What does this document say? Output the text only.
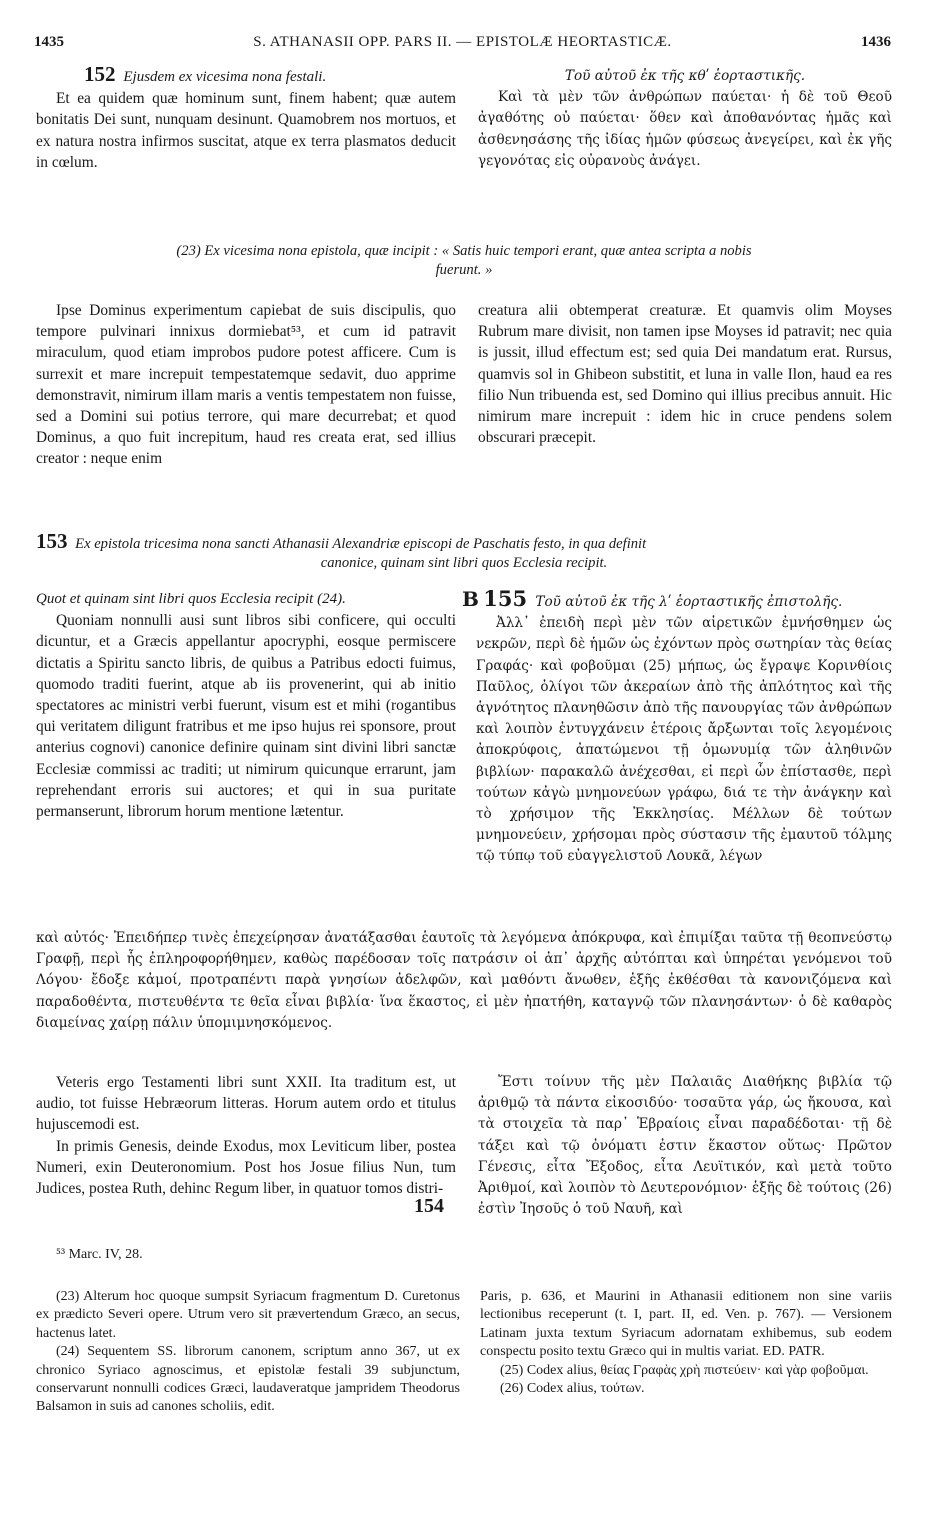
1435	S. ATHANASII OPP. PARS II. — EPISTOLÆ HEORTASTICÆ.	1436

152 Ejusdem ex vicesima nona festali.

Et ea quidem quæ hominum sunt, finem habent; quæ autem bonitatis Dei sunt, nunquam desinunt. Quamobrem nos mortuos, et ex natura nostra infirmos suscitat, atque ex terra plasmatos deducit in cœlum.

Τοῦ αὐτοῦ ἐκ τῆς κθʹ ἑορταστικῆς.

Καὶ τὰ μὲν τῶν ἀνθρώπων παύεται· ἡ δὲ τοῦ Θεοῦ ἀγαθότης οὐ παύεται· ὅθεν καὶ ἀποθανόντας ἡμᾶς καὶ ἀσθενησάσης τῆς ἰδίας ἡμῶν φύσεως ἀνεγείρει, καὶ ἐκ γῆς γεγονότας εἰς οὐρανοὺς ἀνάγει.

(23) Ex vicesima nona epistola, quæ incipit : « Satis huic tempori erant, quæ antea scripta a nobis
fuerunt. »

Ipse Dominus experimentum capiebat de suis discipulis, quo tempore pulvinari innixus dormiebat⁵³, et cum id patravit miraculum, quod etiam improbos pudore potest afficere. Cum is surrexit et mare increpuit tempestatemque sedavit, duo apprime demonstravit, nimirum illam maris a ventis tempestatem non fuisse, sed a Domini sui potius terrore, qui mare decurrebat; et quod Dominus, a quo fuit increpitum, haud res creata erat, sed illius creator : neque enim

creatura alii obtemperat creaturæ. Et quamvis olim Moyses Rubrum mare divisit, non tamen ipse Moyses id patravit; nec quia is jussit, illud effectum est; sed quia Dei mandatum erat. Rursus, quamvis sol in Ghibeon substitit, et luna in valle Ilon, haud ea res filio Nun tribuenda est, sed Domino qui illius precibus annuit. Hic nimirum mare increpuit : idem hic in cruce pendens solem obscurari præcepit.

153 Ex epistola tricesima nona sancti Athanasii Alexandriæ episcopi de Paschatis festo, in qua definit

canonice, quinam sint libri quos Ecclesia recipit.

Quot et quinam sint libri quos Ecclesia recipit (24).

Quoniam nonnulli ausi sunt libros sibi conficere, qui occulti dicuntur, et a Græcis appellantur apocryphi, eosque permiscere dictatis a Spiritu sancto libris, de quibus a Patribus edocti fuimus, quomodo traditi fuerint, atque ab iis provenerint, qui ab initio spectatores ac ministri verbi fuerunt, visum est et mihi (rogantibus qui veritatem diligunt fratribus et me ipso hujus rei sponsore, prout anterius cognovi) canonice definire quinam sint divini libri sanctæ Ecclesiæ commissi ac traditi; ut nimirum quicunque errarunt, jam reprehendant erroris sui auctores; et qui in sua puritate permanserunt, librorum horum mentione lætentur.

B 155 Τοῦ αὐτοῦ ἐκ τῆς λʹ ἑορταστικῆς ἐπιστολῆς.

Ἀλλ᾽ ἐπειδὴ περὶ μὲν τῶν αἱρετικῶν ἐμνήσθημεν ὡς νεκρῶν, περὶ δὲ ἡμῶν ὡς ἐχόντων πρὸς σωτηρίαν τὰς θείας Γραφάς· καὶ φοβοῦμαι (25) μήπως, ὡς ἔγραψε Κορινθίοις Παῦλος, ὀλίγοι τῶν ἀκεραίων ἀπὸ τῆς ἁπλότητος καὶ τῆς ἁγνότητος πλανηθῶσιν ἀπὸ τῆς πανουργίας τῶν ἀνθρώπων καὶ λοιπὸν ἐντυγχάνειν ἑτέροις ἄρξωνται τοῖς λεγομένοις ἀποκρύφοις, ἀπατώμενοι τῇ ὁμωνυμίᾳ τῶν ἀληθινῶν βιβλίων· παρακαλῶ ἀνέχεσθαι, εἰ περὶ ὧν ἐπίστασθε, περὶ τούτων κἀγὼ μνημονεύων γράφω, διά τε τὴν ἀνάγκην καὶ τὸ χρήσιμον τῆς Ἐκκλησίας. Μέλλων δὲ τούτων μνημονεύειν, χρήσομαι πρὸς σύστασιν τῆς ἐμαυτοῦ τόλμης τῷ τύπῳ τοῦ εὐαγγελιστοῦ Λουκᾶ, λέγων

καὶ αὐτός· Ἐπειδήπερ τινὲς ἐπεχείρησαν ἀνατάξασθαι ἑαυτοῖς τὰ λεγόμενα ἀπόκρυφα, καὶ ἐπιμίξαι ταῦτα τῇ θεοπνεύστῳ Γραφῇ, περὶ ἧς ἐπληροφορήθημεν, καθὼς παρέδοσαν τοῖς πατράσιν οἱ ἀπ᾽ ἀρχῆς αὐτόπται καὶ ὑπηρέται γενόμενοι τοῦ Λόγου· ἔδοξε κἀμοί, προτραπέντι παρὰ γνησίων ἀδελφῶν, καὶ μαθόντι ἄνωθεν, ἑξῆς ἐκθέσθαι τὰ κανονιζόμενα καὶ παραδοθέντα, πιστευθέντα τε θεῖα εἶναι βιβλία· ἵνα ἕκαστος, εἰ μὲν ἠπατήθη, καταγνῷ τῶν πλανησάντων· ὁ δὲ καθαρὸς διαμείνας χαίρῃ πάλιν ὑπομιμνησκόμενος.

Veteris ergo Testamenti libri sunt XXII. Ita traditum est, ut audio, tot fuisse Hebræorum litteras. Horum autem ordo et titulus hujuscemodi est.

In primis Genesis, deinde Exodus, mox Leviticum liber, postea Numeri, exin Deuteronomium. Post hos Josue filius Nun, tum Judices, postea Ruth, dehinc Regum liber, in quatuor tomos distri-

154

Ἔστι τοίνυν τῆς μὲν Παλαιᾶς Διαθήκης βιβλία τῷ ἀριθμῷ τὰ πάντα εἰκοσιδύο· τοσαῦτα γάρ, ὡς ἤκουσα, καὶ τὰ στοιχεῖα τὰ παρ᾽ Ἑβραίοις εἶναι παραδέδοται· τῇ δὲ τάξει καὶ τῷ ὀνόματι ἐστιν ἕκαστον οὕτως· Πρῶτον Γένεσις, εἶτα Ἔξοδος, εἶτα Λευϊτικόν, καὶ μετὰ τοῦτο Ἀριθμοί, καὶ λοιπὸν τὸ Δευτερονόμιον· ἑξῆς δὲ τούτοις (26) ἐστὶν Ἰησοῦς ὁ τοῦ Ναυῆ, καὶ

⁵³ Marc. IV, 28.

(23) Alterum hoc quoque sumpsit Syriacum fragmentum D. Curetonus ex prædicto Severi opere. Utrum vero sit prævertendum Græco, an secus, hactenus latet.

(24) Sequentem SS. librorum canonem, scriptum anno 367, ut ex chronico Syriaco agnoscimus, et epistolæ festali 39 subjunctum, conservarunt nonnulli codices Græci, laudaveratque jampridem Theodorus Balsamon in suis ad canones scholiis, edit.

Paris, p. 636, et Maurini in Athanasii editionem non sine variis lectionibus receperunt (t. I, part. II, ed. Ven. p. 767). — Versionem Latinam juxta textum Syriacum adornatam exhibemus, sub eodem conspectu posito textu Græco qui in multis variat. ED. PATR.

(25) Codex alius, θείας Γραφὰς χρὴ πιστεύειν· καὶ γὰρ φοβοῦμαι.

(26) Codex alius, τούτων.
